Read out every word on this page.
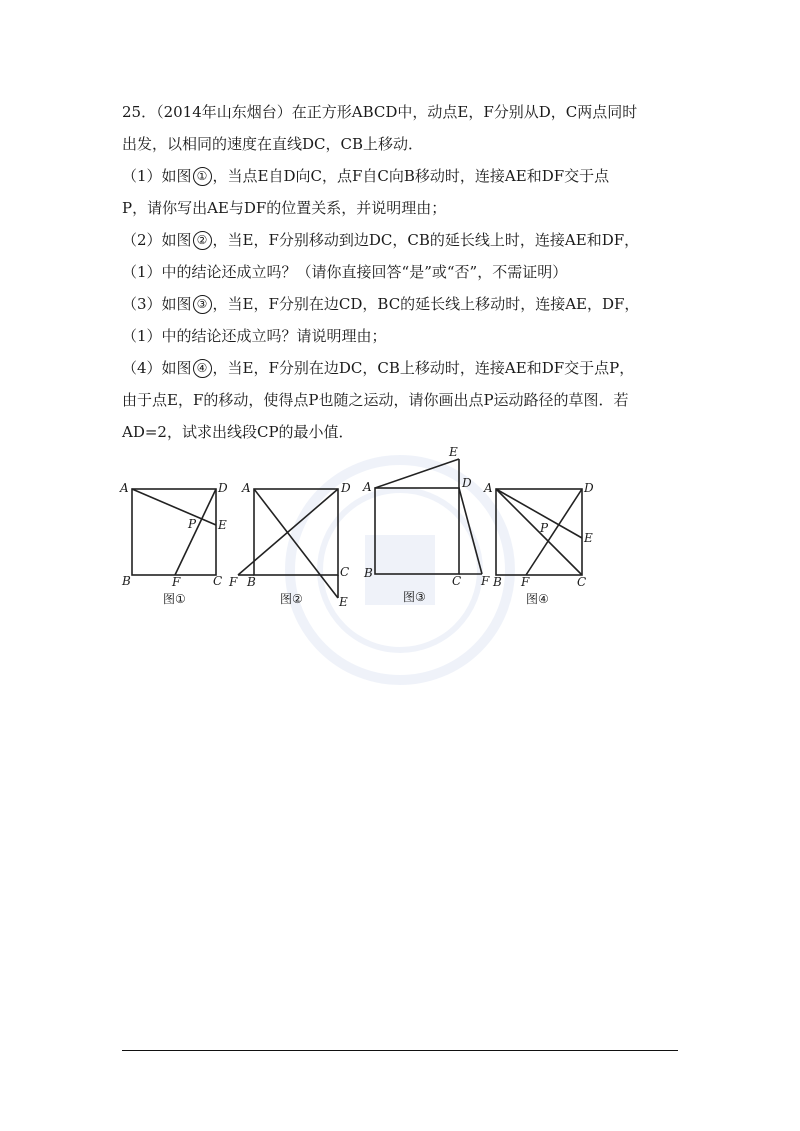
25．（2014年山东烟台）在正方形ABCD中，动点E，F分别从D，C两点同时
出发，以相同的速度在直线DC，CB上移动．
（1）如图 ① ，当点E自D向C，点F自C向B移动时，连接AE和DF交于点
P，请你写出AE与DF的位置关系，并说明理由；
（2）如图 ② ，当E，F分别移动到边DC，CB的延长线上时，连接AE和DF，
（1）中的结论还成立吗？（请你直接回答“是”或“否”，不需证明）
（3）如图 ③ ，当E，F分别在边CD，BC的延长线上移动时，连接AE，DF，
（1）中的结论还成立吗？请说明理由；
（4）如图 ④ ，当E，F分别在边DC，CB上移动时，连接AE和DF交于点P，
由于点E，F的移动，使得点P也随之运动，请你画出点P运动路径的草图．若
AD=2，试求出线段CP的最小值．
A	D
B	C
E
F
P
图①
A	D
B
C
E
F
图②
A	D
B
C
E
F
图③
A	D
B	C
E
F
P
图④
